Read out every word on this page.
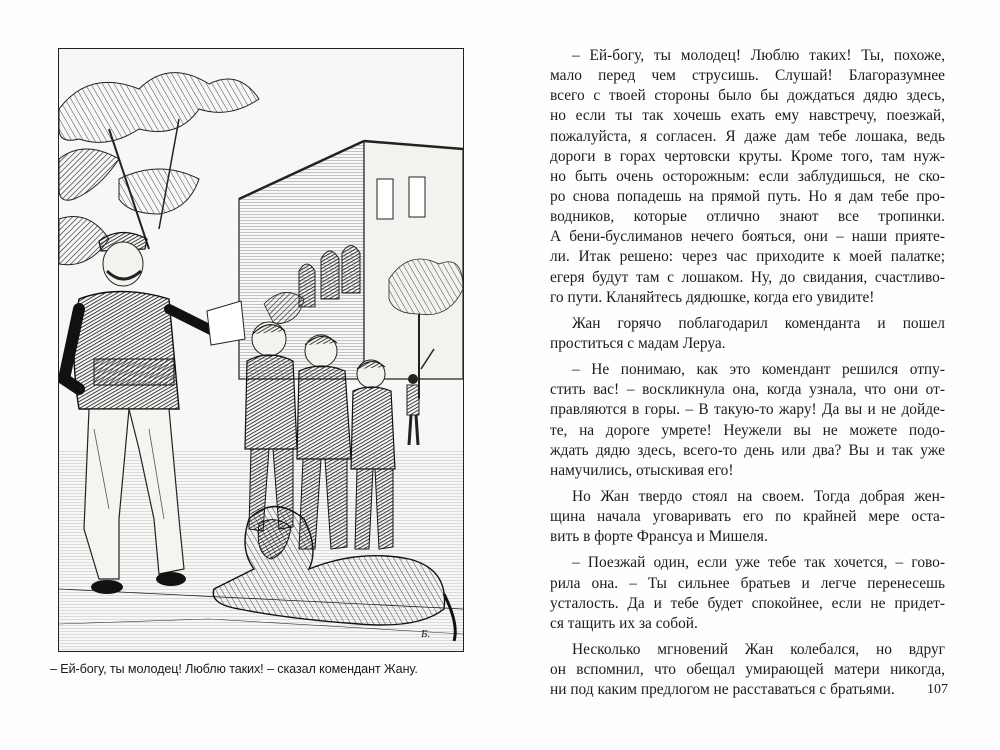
Б.
– Ей-богу, ты молодец! Люблю таких! – сказал комендант Жану.
– Ей-богу, ты молодец! Люблю таких! Ты, похоже,
мало перед чем струсишь. Слушай! Благоразумнее
всего с твоей стороны было бы дождаться дядю здесь,
но если ты так хочешь ехать ему навстречу, поезжай,
пожалуйста, я согласен. Я даже дам тебе лошака, ведь
дороги в горах чертовски круты. Кроме того, там нуж-
но быть очень осторожным: если заблудишься, не ско-
ро снова попадешь на прямой путь. Но я дам тебе про-
водников, которые отлично знают все тропинки.
А бени-буслиманов нечего бояться, они – наши прияте-
ли. Итак решено: через час приходите к моей палатке;
егеря будут там с лошаком. Ну, до свидания, счастливо-
го пути. Кланяйтесь дядюшке, когда его увидите!
Жан горячо поблагодарил коменданта и пошел
проститься с мадам Леруа.
– Не понимаю, как это комендант решился отпу-
стить вас! – воскликнула она, когда узнала, что они от-
правляются в горы. – В такую-то жару! Да вы и не дойде-
те, на дороге умрете! Неужели вы не можете подо-
ждать дядю здесь, всего-то день или два? Вы и так уже
намучились, отыскивая его!
Но Жан твердо стоял на своем. Тогда добрая жен-
щина начала уговаривать его по крайней мере остa-
вить в форте Франсуа и Мишеля.
– Поезжай один, если уже тебе так хочется, – гово-
рила она. – Ты сильнее братьев и легче перенесешь
усталость. Да и тебе будет спокойнее, если не придет-
ся тащить их за собой.
Несколько мгновений Жан колебался, но вдруг
он вспомнил, что обещал умирающей матери никогда,
ни под каким предлогом не расставаться с братьями.	107
